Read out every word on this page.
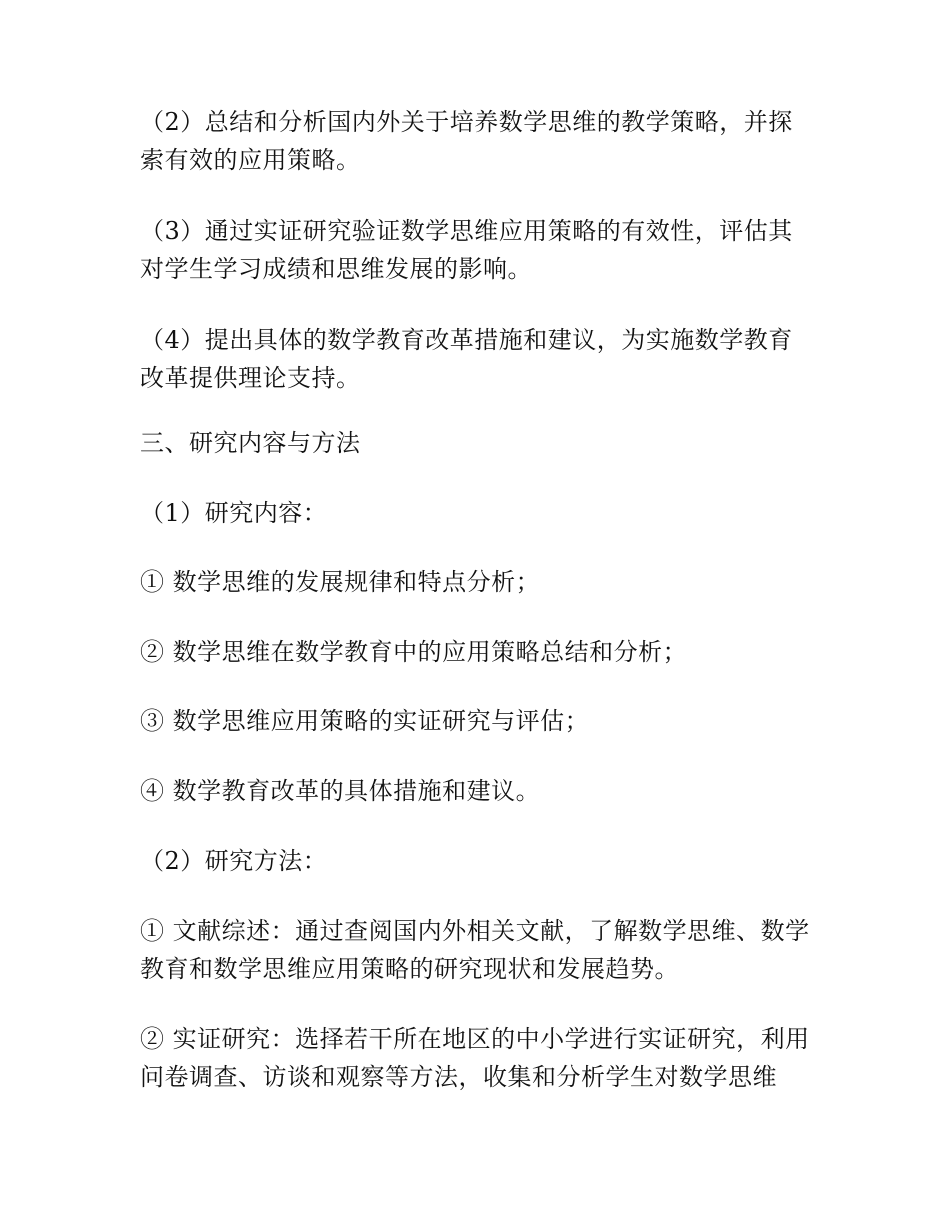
（2）总结和分析国内外关于培养数学思维的教学策略，并探索有效的应用策略。

（3）通过实证研究验证数学思维应用策略的有效性，评估其对学生学习成绩和思维发展的影响。

（4）提出具体的数学教育改革措施和建议，为实施数学教育改革提供理论支持。

三、研究内容与方法

（1）研究内容：

① 数学思维的发展规律和特点分析；

② 数学思维在数学教育中的应用策略总结和分析；

③ 数学思维应用策略的实证研究与评估；

④ 数学教育改革的具体措施和建议。

（2）研究方法：

① 文献综述：通过查阅国内外相关文献，了解数学思维、数学教育和数学思维应用策略的研究现状和发展趋势。

② 实证研究：选择若干所在地区的中小学进行实证研究，利用问卷调查、访谈和观察等方法，收集和分析学生对数学思维
